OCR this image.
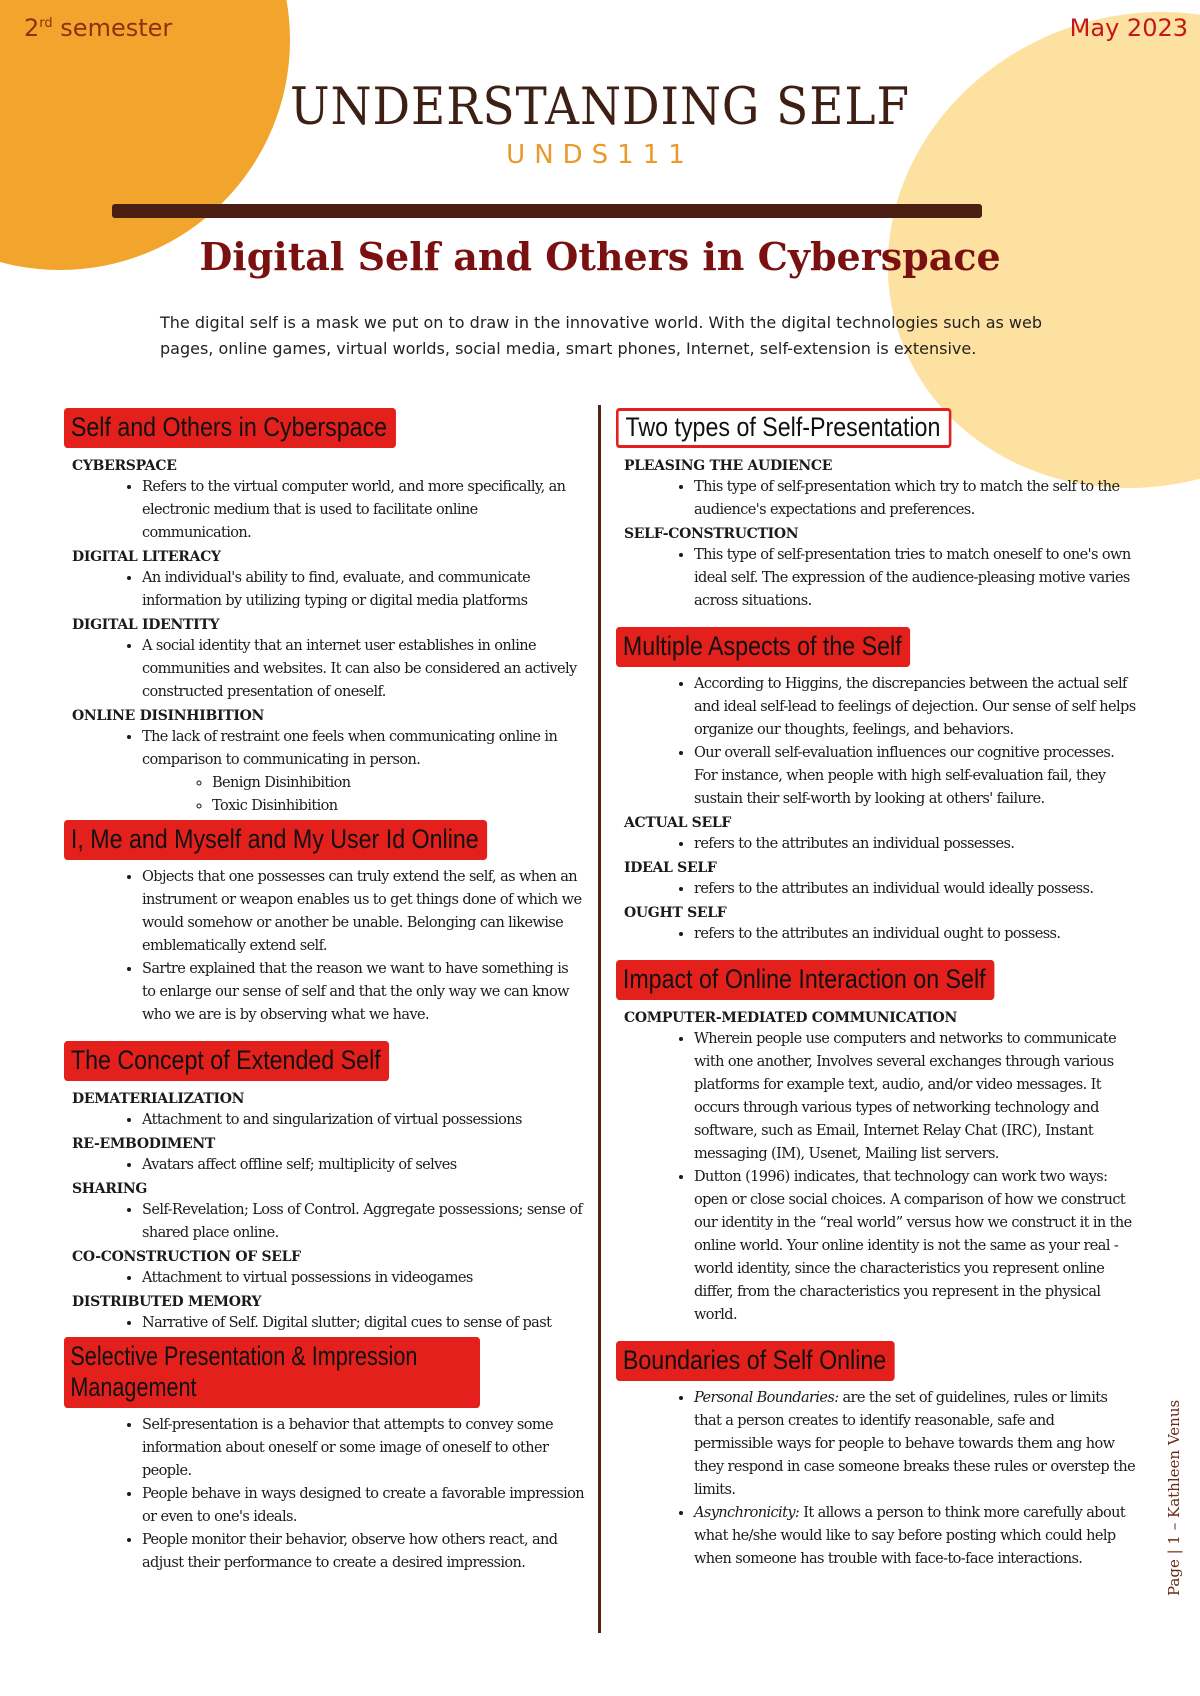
2rd semester	May 2023
UNDERSTANDING SELF
UNDS111
Digital Self and Others in Cyberspace
The digital self is a mask we put on to draw in the innovative world. With the digital technologies such as web pages, online games, virtual worlds, social media, smart phones, Internet, self-extension is extensive.
Self and Others in Cyberspace
CYBERSPACE
• Refers to the virtual computer world, and more specifically, an electronic medium that is used to facilitate online communication.
DIGITAL LITERACY
• An individual's ability to find, evaluate, and communicate information by utilizing typing or digital media platforms
DIGITAL IDENTITY
• A social identity that an internet user establishes in online communities and websites. It can also be considered an actively constructed presentation of oneself.
ONLINE DISINHIBITION
• The lack of restraint one feels when communicating online in comparison to communicating in person.
◦ Benign Disinhibition
◦ Toxic Disinhibition
I, Me and Myself and My User Id Online
• Objects that one possesses can truly extend the self, as when an instrument or weapon enables us to get things done of which we would somehow or another be unable. Belonging can likewise emblematically extend self.
• Sartre explained that the reason we want to have something is to enlarge our sense of self and that the only way we can know who we are is by observing what we have.
The Concept of Extended Self
DEMATERIALIZATION
• Attachment to and singularization of virtual possessions
RE-EMBODIMENT
• Avatars affect offline self; multiplicity of selves
SHARING
• Self-Revelation; Loss of Control. Aggregate possessions; sense of shared place online.
CO-CONSTRUCTION OF SELF
• Attachment to virtual possessions in videogames
DISTRIBUTED MEMORY
• Narrative of Self. Digital slutter; digital cues to sense of past
Selective Presentation & Impression Management
• Self-presentation is a behavior that attempts to convey some information about oneself or some image of oneself to other people.
• People behave in ways designed to create a favorable impression or even to one's ideals.
• People monitor their behavior, observe how others react, and adjust their performance to create a desired impression.
Two types of Self-Presentation
PLEASING THE AUDIENCE
• This type of self-presentation which try to match the self to the audience's expectations and preferences.
SELF-CONSTRUCTION
• This type of self-presentation tries to match oneself to one's own ideal self. The expression of the audience-pleasing motive varies across situations.
Multiple Aspects of the Self
• According to Higgins, the discrepancies between the actual self and ideal self-lead to feelings of dejection. Our sense of self helps organize our thoughts, feelings, and behaviors.
• Our overall self-evaluation influences our cognitive processes. For instance, when people with high self-evaluation fail, they sustain their self-worth by looking at others' failure.
ACTUAL SELF
• refers to the attributes an individual possesses.
IDEAL SELF
• refers to the attributes an individual would ideally possess.
OUGHT SELF
• refers to the attributes an individual ought to possess.
Impact of Online Interaction on Self
COMPUTER-MEDIATED COMMUNICATION
• Wherein people use computers and networks to communicate with one another, Involves several exchanges through various platforms for example text, audio, and/or video messages. It occurs through various types of networking technology and software, such as Email, Internet Relay Chat (IRC), Instant messaging (IM), Usenet, Mailing list servers.
• Dutton (1996) indicates, that technology can work two ways: open or close social choices. A comparison of how we construct our identity in the “real world” versus how we construct it in the online world. Your online identity is not the same as your real -world identity, since the characteristics you represent online differ, from the characteristics you represent in the physical world.
Boundaries of Self Online
• Personal Boundaries: are the set of guidelines, rules or limits that a person creates to identify reasonable, safe and permissible ways for people to behave towards them ang how they respond in case someone breaks these rules or overstep the limits.
• Asynchronicity: It allows a person to think more carefully about what he/she would like to say before posting which could help when someone has trouble with face-to-face interactions.	Page | 1 – Kathleen Venus
